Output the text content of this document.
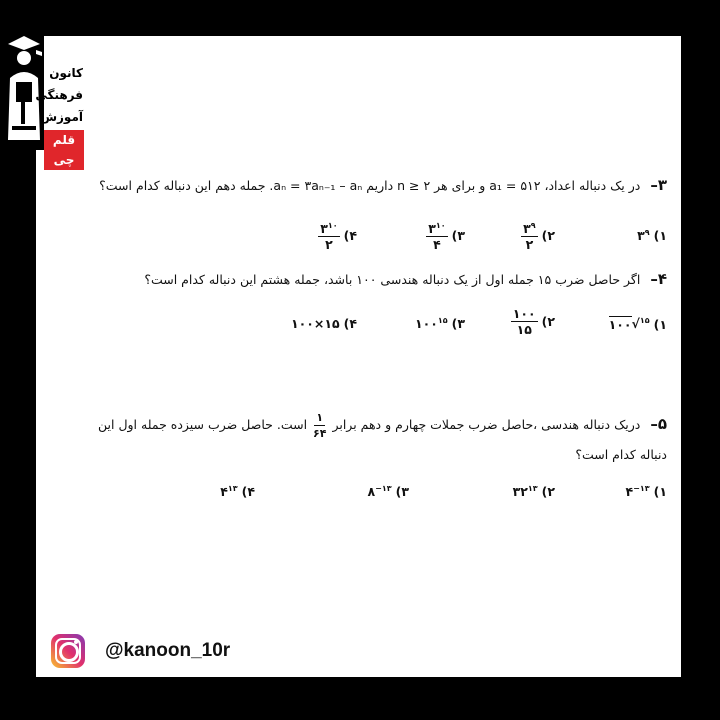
کانون
فرهنگی
آموزش
قلم چی
۳– در یک دنباله اعداد، a₁ = ۵۱۲ و برای هر n ≥ ۲ داریم aₙ = ۳aₙ₋₁ – aₙ. جمله دهم این دنباله کدام است؟
۱)
$۳^۹$
۲)
$\frac{۳^۹}{۲}$
۳)
$\frac{۳^{۱۰}}{۴}$
۴)
$\frac{۳^{۱۰}}{۲}$
۴– اگر حاصل ضرب ۱۵ جمله اول از یک دنباله هندسی ۱۰۰ باشد، جمله هشتم این دنباله کدام است؟
۱)
۱۵
√
۱۰۰
۲)
$\frac{۱۰۰}{۱۵}$
۳)
$۱۰۰^{۱۵}$
۴)
۱۵×۱۰۰
۵– دریک دنباله هندسی ،حاصل ضرب جملات چهارم و دهم برابر
$\frac{۱}{۶۴}$
است. حاصل ضرب سیزده جمله اول این دنباله کدام است؟
۱)
$۴^{-۱۳}$
۲)
$۳۲^{۱۳}$
۳)
$۸^{-۱۳}$
۴)
$۴^{۱۳}$
@kanoon_10r
